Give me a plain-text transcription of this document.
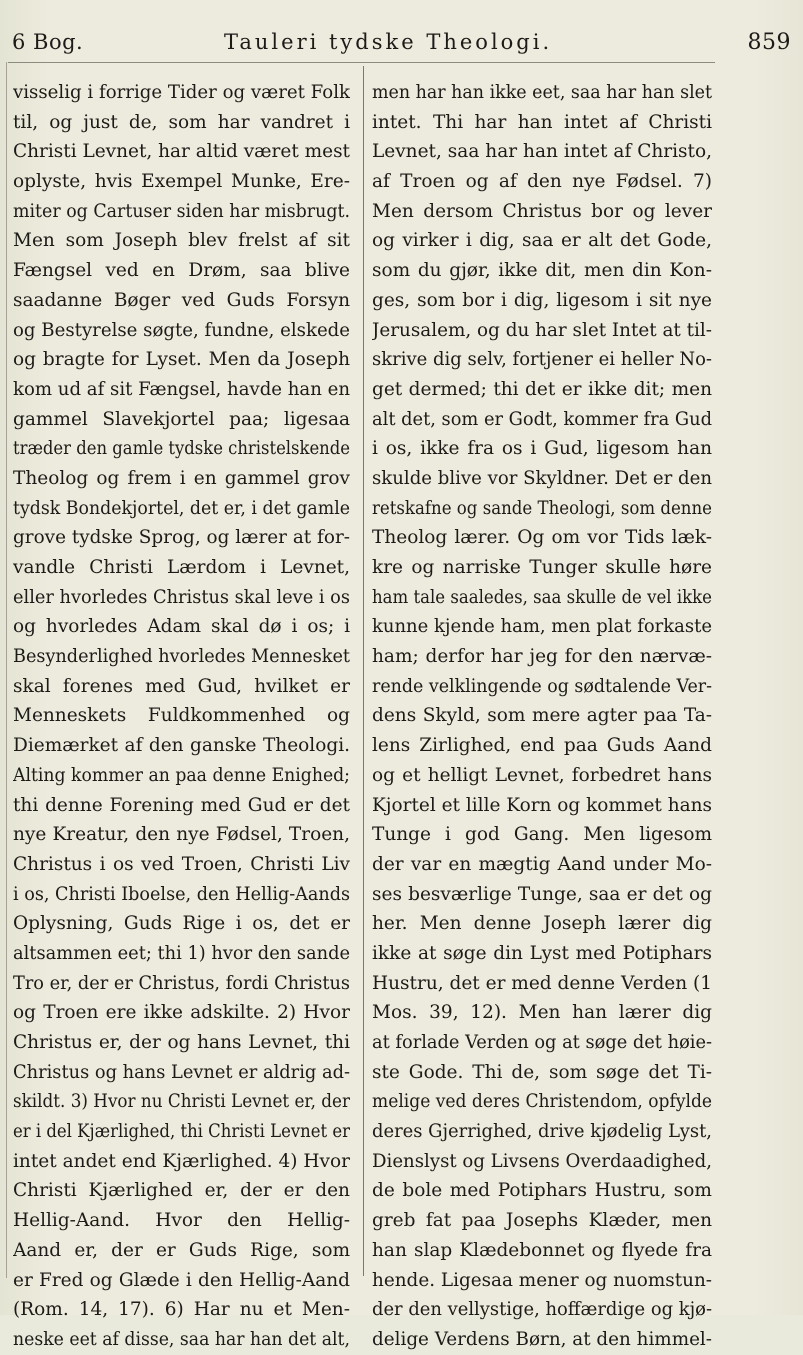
6 Bog.	Tauleri tydske Theologi.	859
visselig i forrige Tider og været Folk
til, og just de, som har vandret i
Christi Levnet, har altid været mest
oplyste, hvis Exempel Munke, Ere-
miter og Cartuser siden har misbrugt.
Men som Joseph blev frelst af sit
Fængsel ved en Drøm, saa blive
saadanne Bøger ved Guds Forsyn
og Bestyrelse søgte, fundne, elskede
og bragte for Lyset. Men da Joseph
kom ud af sit Fængsel, havde han en
gammel Slavekjortel paa; ligesaa
træder den gamle tydske christelskende
Theolog og frem i en gammel grov
tydsk Bondekjortel, det er, i det gamle
grove tydske Sprog, og lærer at for-
vandle Christi Lærdom i Levnet,
eller hvorledes Christus skal leve i os
og hvorledes Adam skal dø i os; i
Besynderlighed hvorledes Mennesket
skal forenes med Gud, hvilket er
Menneskets Fuldkommenhed og
Diemærket af den ganske Theologi.
Alting kommer an paa denne Enighed;
thi denne Forening med Gud er det
nye Kreatur, den nye Fødsel, Troen,
Christus i os ved Troen, Christi Liv
i os, Christi Iboelse, den Hellig-Aands
Oplysning, Guds Rige i os, det er
altsammen eet; thi 1) hvor den sande
Tro er, der er Christus, fordi Christus
og Troen ere ikke adskilte. 2) Hvor
Christus er, der og hans Levnet, thi
Christus og hans Levnet er aldrig ad-
skildt. 3) Hvor nu Christi Levnet er, der
er i del Kjærlighed, thi Christi Levnet er
intet andet end Kjærlighed. 4) Hvor
Christi Kjærlighed er, der er den
Hellig-Aand. Hvor den Hellig-
Aand er, der er Guds Rige, som
er Fred og Glæde i den Hellig-Aand
(Rom. 14, 17). 6) Har nu et Men-
neske eet af disse, saa har han det alt,
men har han ikke eet, saa har han slet
intet. Thi har han intet af Christi
Levnet, saa har han intet af Christo,
af Troen og af den nye Fødsel. 7)
Men dersom Christus bor og lever
og virker i dig, saa er alt det Gode,
som du gjør, ikke dit, men din Kon-
ges, som bor i dig, ligesom i sit nye
Jerusalem, og du har slet Intet at til-
skrive dig selv, fortjener ei heller No-
get dermed; thi det er ikke dit; men
alt det, som er Godt, kommer fra Gud
i os, ikke fra os i Gud, ligesom han
skulde blive vor Skyldner. Det er den
retskafne og sande Theologi, som denne
Theolog lærer. Og om vor Tids læk-
kre og narriske Tunger skulle høre
ham tale saaledes, saa skulle de vel ikke
kunne kjende ham, men plat forkaste
ham; derfor har jeg for den nærvæ-
rende velklingende og sødtalende Ver-
dens Skyld, som mere agter paa Ta-
lens Zirlighed, end paa Guds Aand
og et helligt Levnet, forbedret hans
Kjortel et lille Korn og kommet hans
Tunge i god Gang. Men ligesom
der var en mægtig Aand under Mo-
ses besværlige Tunge, saa er det og
her. Men denne Joseph lærer dig
ikke at søge din Lyst med Potiphars
Hustru, det er med denne Verden (1
Mos. 39, 12). Men han lærer dig
at forlade Verden og at søge det høie-
ste Gode. Thi de, som søge det Ti-
melige ved deres Christendom, opfylde
deres Gjerrighed, drive kjødelig Lyst,
Dienslyst og Livsens Overdaadighed,
de bole med Potiphars Hustru, som
greb fat paa Josephs Klæder, men
han slap Klædebonnet og flyede fra
hende. Ligesaa mener og nuomstun-
der den vellystige, hoffærdige og kjø-
delige Verdens Børn, at den himmel-
